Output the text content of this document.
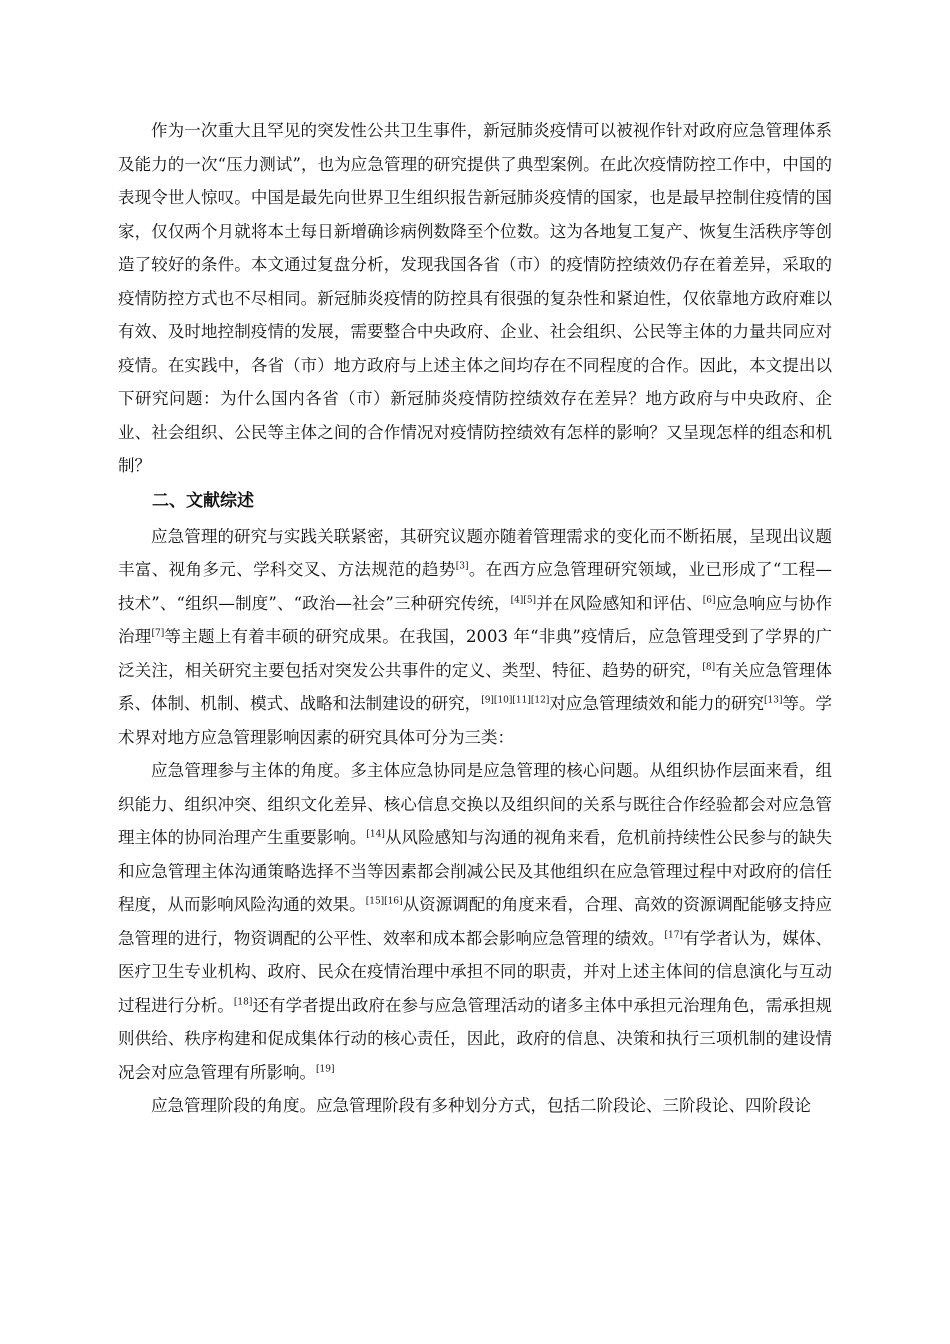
作为一次重大且罕见的突发性公共卫生事件，新冠肺炎疫情可以被视作针对政府应急管理体系及能力的一次“压力测试”，也为应急管理的研究提供了典型案例。在此次疫情防控工作中，中国的表现令世人惊叹。中国是最先向世界卫生组织报告新冠肺炎疫情的国家，也是最早控制住疫情的国家，仅仅两个月就将本土每日新增确诊病例数降至个位数。这为各地复工复产、恢复生活秩序等创造了较好的条件。本文通过复盘分析，发现我国各省（市）的疫情防控绩效仍存在着差异，采取的疫情防控方式也不尽相同。新冠肺炎疫情的防控具有很强的复杂性和紧迫性，仅依靠地方政府难以有效、及时地控制疫情的发展，需要整合中央政府、企业、社会组织、公民等主体的力量共同应对疫情。在实践中，各省（市）地方政府与上述主体之间均存在不同程度的合作。因此，本文提出以下研究问题：为什么国内各省（市）新冠肺炎疫情防控绩效存在差异？地方政府与中央政府、企业、社会组织、公民等主体之间的合作情况对疫情防控绩效有怎样的影响？又呈现怎样的组态和机制？

二、文献综述

应急管理的研究与实践关联紧密，其研究议题亦随着管理需求的变化而不断拓展，呈现出议题丰富、视角多元、学科交叉、方法规范的趋势[3]。在西方应急管理研究领域，业已形成了“工程—技术”、“组织—制度”、“政治—社会”三种研究传统，[4][5]并在风险感知和评估、[6]应急响应与协作治理[7]等主题上有着丰硕的研究成果。在我国，2003 年“非典”疫情后，应急管理受到了学界的广泛关注，相关研究主要包括对突发公共事件的定义、类型、特征、趋势的研究，[8]有关应急管理体系、体制、机制、模式、战略和法制建设的研究，[9][10][11][12]对应急管理绩效和能力的研究[13]等。学术界对地方应急管理影响因素的研究具体可分为三类：

应急管理参与主体的角度。多主体应急协同是应急管理的核心问题。从组织协作层面来看，组织能力、组织冲突、组织文化差异、核心信息交换以及组织间的关系与既往合作经验都会对应急管理主体的协同治理产生重要影响。[14]从风险感知与沟通的视角来看，危机前持续性公民参与的缺失和应急管理主体沟通策略选择不当等因素都会削减公民及其他组织在应急管理过程中对政府的信任程度，从而影响风险沟通的效果。[15][16]从资源调配的角度来看，合理、高效的资源调配能够支持应急管理的进行，物资调配的公平性、效率和成本都会影响应急管理的绩效。[17]有学者认为，媒体、医疗卫生专业机构、政府、民众在疫情治理中承担不同的职责，并对上述主体间的信息演化与互动过程进行分析。[18]还有学者提出政府在参与应急管理活动的诸多主体中承担元治理角色，需承担规则供给、秩序构建和促成集体行动的核心责任，因此，政府的信息、决策和执行三项机制的建设情况会对应急管理有所影响。[19]

应急管理阶段的角度。应急管理阶段有多种划分方式，包括二阶段论、三阶段论、四阶段论
